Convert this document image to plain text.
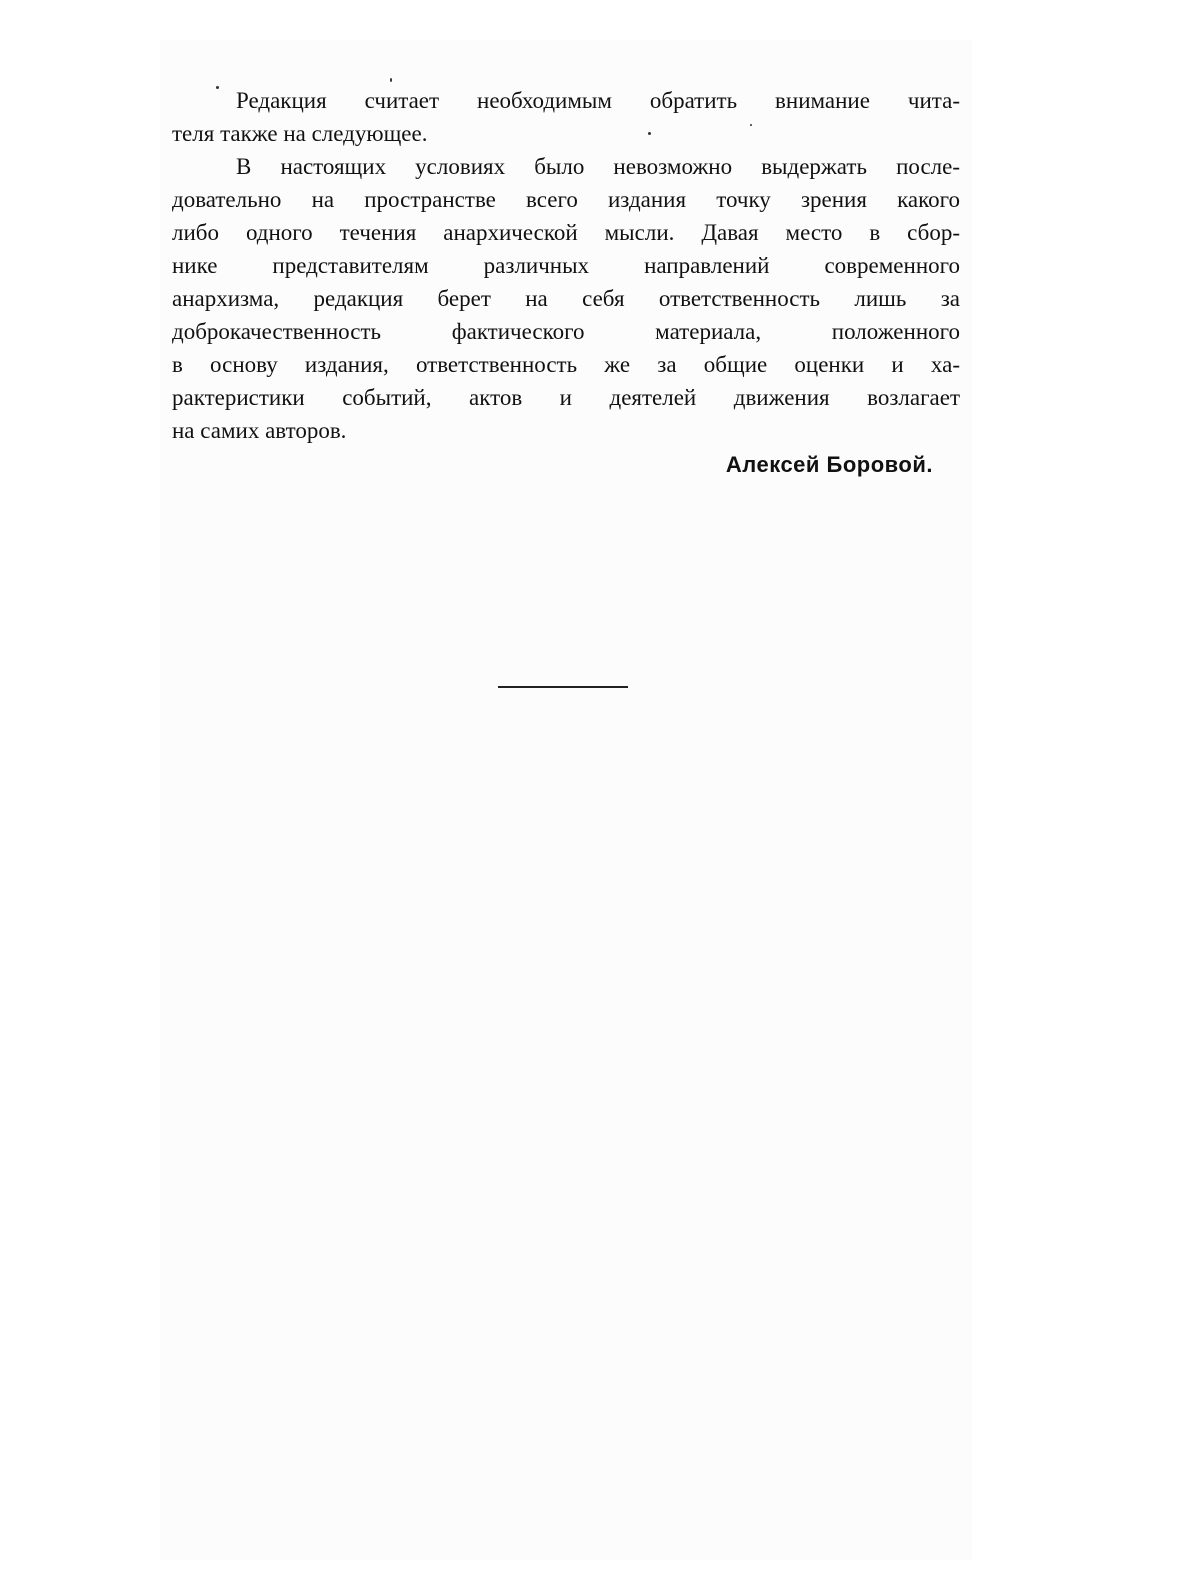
Редакция считает необходимым обратить внимание чита-
теля также на следующее.
В настоящих условиях было невозможно выдержать после-
довательно на пространстве всего издания точку зрения какого
либо одного течения анархической мысли. Давая место в сбор-
нике представителям различных направлений современного
анархизма, редакция берет на себя ответственность лишь за
доброкачественность фактического материала, положенного
в основу издания, ответственность же за общие оценки и ха-
рактеристики событий, актов и деятелей движения возлагает
на самих авторов.
Алексей Боровой.
